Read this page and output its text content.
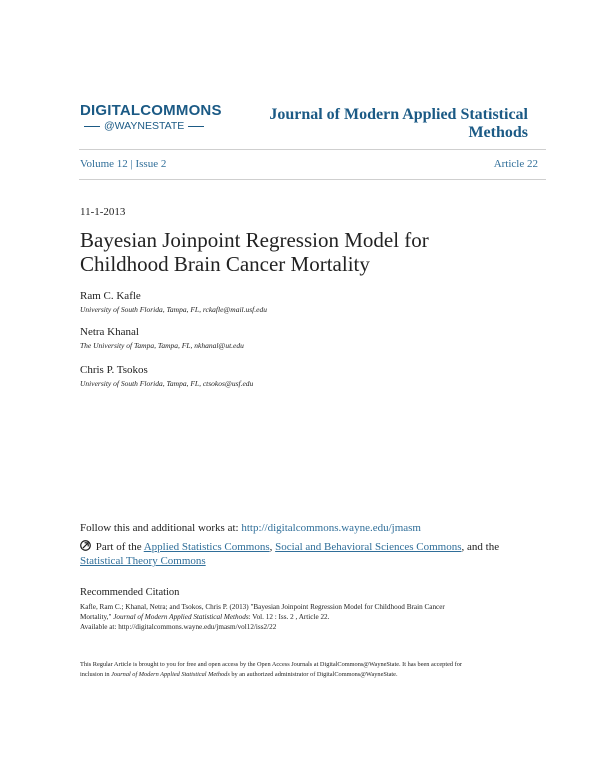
DIGITALCOMMONS
@WAYNESTATE
Journal of Modern Applied Statistical Methods
Volume 12 | Issue 2	Article 22
11-1-2013
Bayesian Joinpoint Regression Model for Childhood Brain Cancer Mortality
Ram C. Kafle
University of South Florida, Tampa, FL, rckafle@mail.usf.edu
Netra Khanal
The University of Tampa, Tampa, FL, nkhanal@ut.edu
Chris P. Tsokos
University of South Florida, Tampa, FL, ctsokos@usf.edu
Follow this and additional works at: http://digitalcommons.wayne.edu/jmasm
Part of the Applied Statistics Commons, Social and Behavioral Sciences Commons, and the
Statistical Theory Commons
Recommended Citation
Kafle, Ram C.; Khanal, Netra; and Tsokos, Chris P. (2013) "Bayesian Joinpoint Regression Model for Childhood Brain Cancer
Mortality," Journal of Modern Applied Statistical Methods: Vol. 12 : Iss. 2 , Article 22.
Available at: http://digitalcommons.wayne.edu/jmasm/vol12/iss2/22
This Regular Article is brought to you for free and open access by the Open Access Journals at DigitalCommons@WayneState. It has been accepted for
inclusion in Journal of Modern Applied Statistical Methods by an authorized administrator of DigitalCommons@WayneState.
